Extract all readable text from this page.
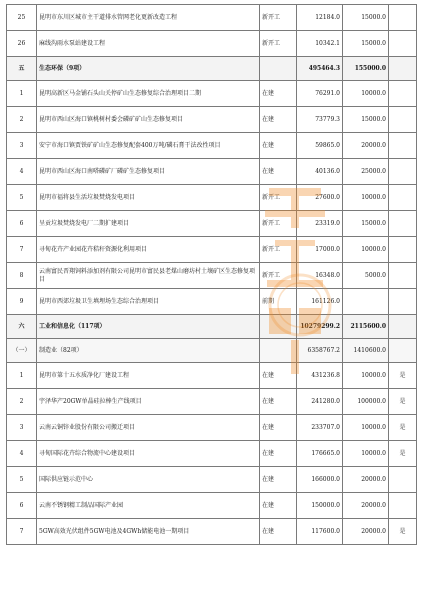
25	昆明市东川区城市主干道排水管网老化更新改造工程	新开工	12184.0	15000.0	
26	麻线沟雨水泵站建设工程	新开工	10342.1	15000.0	
五	生态环保（9项）		495464.3	155000.0	
1	昆明高新区马金铺石头山关停矿山生态修复综合治理项目二期	在建	76291.0	10000.0	
2	昆明市西山区海口镇桃树村委会磷矿矿山生态修复项目	在建	73779.3	15000.0	
3	安宁市海口镇贾铁矿矿山生态修复配套400万吨/磷石膏干法改性项目	在建	59865.0	20000.0	
4	昆明市西山区海口南嗒磷矿厂磷矿生态修复项目	在建	40136.0	25000.0	
5	昆明市福将县生活垃圾焚烧发电项目	新开工	27600.0	10000.0	
6	呈贡垃圾焚烧发电厂二期扩建项目	新开工	23319.0	15000.0	
7	寻甸花卉产业园花卉秸秆资源化利用项目	新开工	17000.0	10000.0	
8	云南富民晋翔饲料添加剂有限公司昆明市富民县老煤山磨坊村土壤矿区生态修复项目	新开工	16348.0	5000.0	
9	昆明市西郊垃圾卫生填埋场生态综合治理项目	前期	161126.0		
六	工业和信息化（117项）		10279299.2	2115600.0	
（一）	制造业（82项）		6358767.2	1410600.0	
1	昆明市第十五水质净化厂建设工程	在建	431236.8	10000.0	是
2	宇泽华产20GW单晶硅拉棒生产线项目	在建	241280.0	100000.0	是
3	云南云铜锌业股份有限公司搬迁项目	在建	233707.0	10000.0	是
4	寻甸国际花卉综合物流中心建设项目	在建	176665.0	10000.0	是
5	国际供应链示范中心	在建	166000.0	20000.0	
6	云南不锈钢精工制品国际产业园	在建	150000.0	20000.0	
7	5GW高效光伏组件5GW电池及4GWh储能电池一期项目	在建	117600.0	20000.0	是
